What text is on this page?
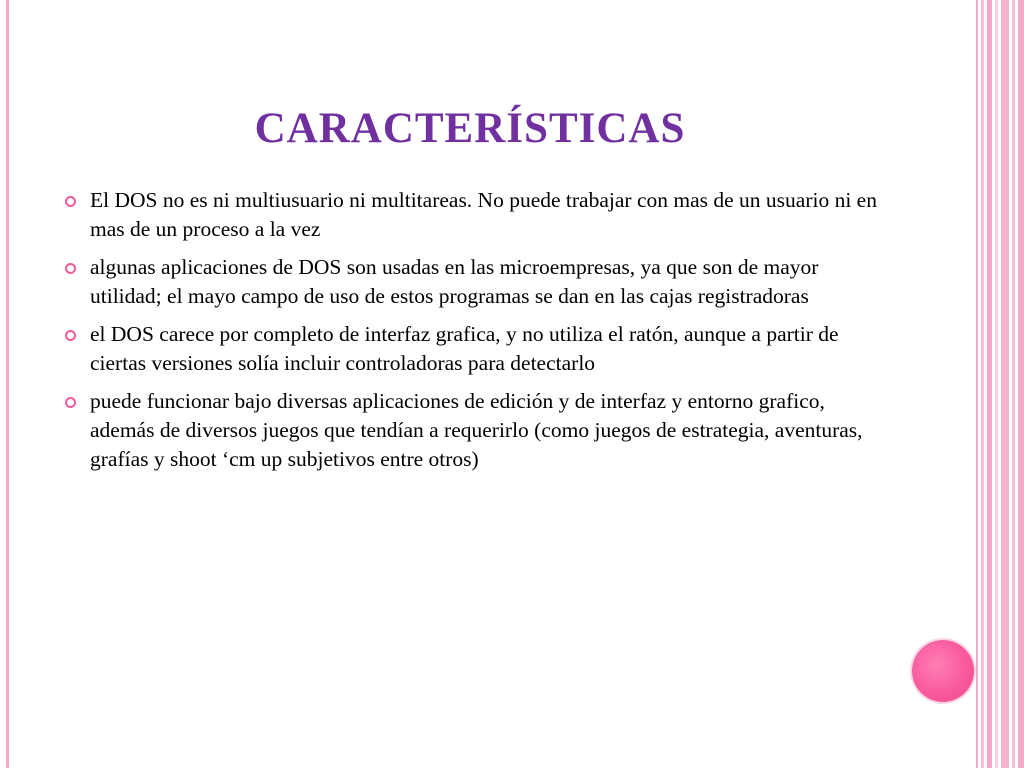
CARACTERÍSTICAS
El DOS no es ni multiusuario ni multitareas. No puede trabajar con mas de un usuario ni en mas de un proceso a la vez
algunas aplicaciones de DOS son usadas en las microempresas, ya que son de mayor utilidad; el mayo campo de uso de estos programas se dan en las cajas registradoras
el DOS carece por completo de interfaz grafica, y no utiliza el ratón, aunque a partir de ciertas versiones solía incluir controladoras para detectarlo
puede funcionar bajo diversas aplicaciones de edición y de interfaz y entorno grafico, además de diversos juegos que tendían a requerirlo (como juegos de estrategia, aventuras, grafías y shoot ‘cm up subjetivos entre otros)
